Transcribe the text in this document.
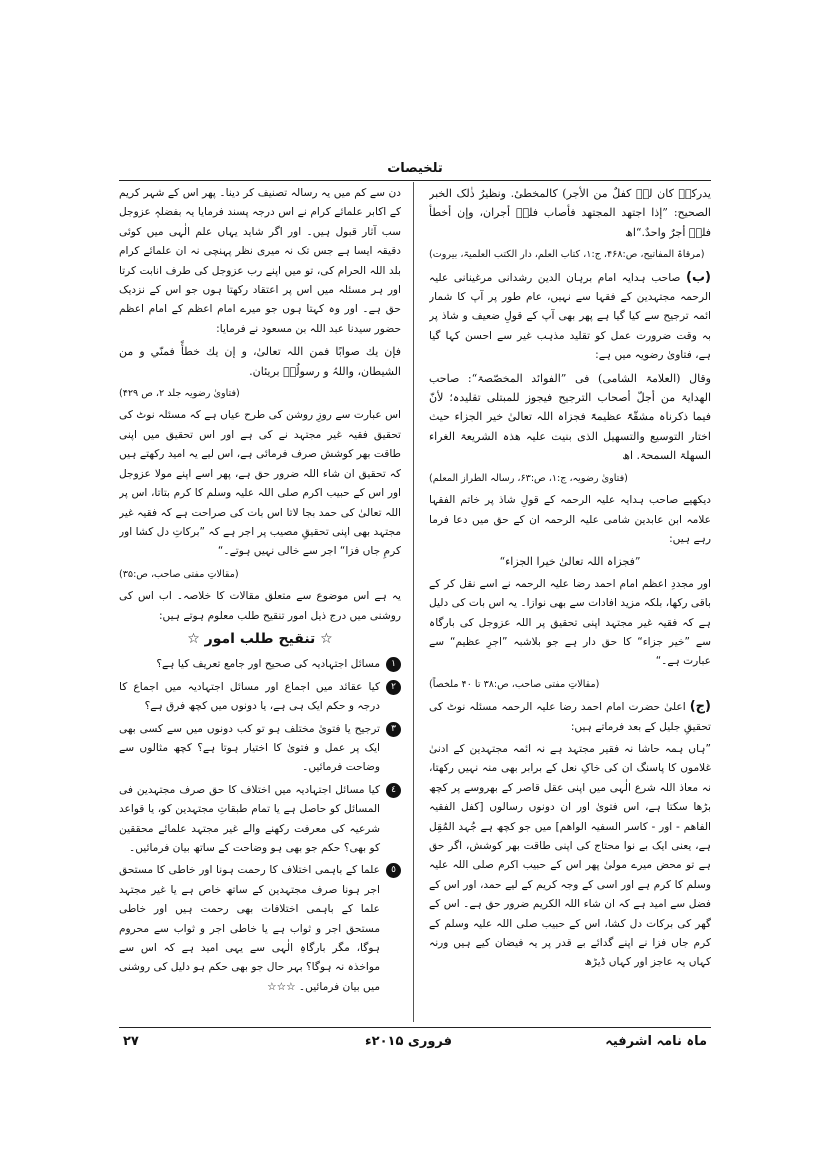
تلخیصات

یدرکہٗ کان لہٗ کفلٌ من الأجر) کالمخطیٔ. ونظیرُ ذٰلک الخبر الصحیح: ”إذا اجتھد المجتھد فأصاب فلہٗ أجران، وإن أخطأ فلہٗ أجرٌ واحدٌ.“اھ

(مرقاۃ المفاتیح، ص:۴۶۸، ج:۱، کتاب العلم، دار الکتب العلمیۃ، بیروت)

(ب) صاحب ہدایہ امام برہان الدین رشدانی مرغینانی علیہ الرحمہ مجتہدین کے فقہا سے نہیں، عام طور پر آپ کا شمار ائمہ ترجیح سے کیا گیا ہے پھر بھی آپ کے قولِ ضعیف و شاذ پر بہ وقت ضرورت عمل کو تقلید مذہب غیر سے احسن کہا گیا ہے، فتاویٰ رضویہ میں ہے:

وقال (العلامۃ الشامی) فی ”الفوائد المخصّصۃ“: صاحب الھدایۃ من أجلّ أصحاب الترجیح فیجوز للمبتلی تقلیدہ؛ لأنّ فیما ذکرناہ مشقّۃً عظیمۃً فجزاہ اللہ تعالیٰ خیر الجزاء حیث اختار التوسیع والتسھیل الذی بنیت علیہ ھذہ الشریعۃ الغراء السھلۃ السمحۃ. اھ

(فتاویٰ رضویہ، ج:۱، ص:۶۳، رسالہ الطراز المعلم)

دیکھیے صاحب ہدایہ علیہ الرحمہ کے قولِ شاذ پر خاتم الفقہا علامہ ابن عابدین شامی علیہ الرحمہ ان کے حق میں دعا فرما رہے ہیں:

”فجزاہ اللہ تعالیٰ خیرا الجزاء“

اور مجددِ اعظم امام احمد رضا علیہ الرحمہ نے اسے نقل کر کے باقی رکھا، بلکہ مزید افادات سے بھی نوازا۔ یہ اس بات کی دلیل ہے کہ فقیہ غیر مجتہد اپنی تحقیق پر اللہ عزوجل کی بارگاہ سے ”خیر جزاء“ کا حق دار ہے جو بلاشبہ ”اجرِ عظیم“ سے عبارت ہے۔“

(مقالاتِ مفتی صاحب، ص:۳۸ تا ۴۰ ملخصاً)

(ج) اعلیٰ حضرت امام احمد رضا علیہ الرحمہ مسئلہ نوٹ کی تحقیقِ جلیل کے بعد فرماتے ہیں:

”ہاں ہمہ حاشا نہ فقیر مجتہد ہے نہ ائمہ مجتہدین کے ادنیٰ غلاموں کا پاسنگ ان کی خاکِ نعل کے برابر بھی منہ نہیں رکھتا، نہ معاذ اللہ شرع الٰہی میں اپنی عقل قاصر کے بھروسے پر کچھ بڑھا سکتا ہے، اس فتویٰ اور ان دونوں رسالوں [کفل الفقیہ الفاھم - اور - کاسر السفیہ الواھم] میں جو کچھ ہے جُہد المُقِل ہے، یعنی ایک بے نوا محتاج کی اپنی طاقت بھر کوشش، اگر حق ہے تو محض میرے مولیٰ پھر اس کے حبیب اکرم صلی اللہ علیہ وسلم کا کرم ہے اور اسی کے وجہ کریم کے لیے حمد، اور اس کے فضل سے امید ہے کہ ان شاء اللہ الکریم ضرور حق ہے۔ اس کے گھر کی برکات دل کشا، اس کے حبیب صلی اللہ علیہ وسلم کے کرم جاں فزا نے اپنے گدائے بے قدر پر یہ فیضان کیے ہیں ورنہ کہاں یہ عاجز اور کہاں ڈیڑھ

دن سے کم میں یہ رسالہ تصنیف کر دینا۔ پھر اس کے شہر کریم کے اکابر علمائے کرام نے اس درجہ پسند فرمایا یہ بفضلہٖ عزوجل سب آثار قبول ہیں۔ اور اگر شاید یہاں علم الٰہی میں کوئی دقیقہ ایسا ہے جس تک نہ میری نظر پہنچی نہ ان علمائے کرام بلد اللہ الحرام کی، تو میں اپنے رب عزوجل کی طرف انابت کرتا اور ہر مسئلہ میں اس پر اعتقاد رکھتا ہوں جو اس کے نزدیک حق ہے۔ اور وہ کہتا ہوں جو میرے امام اعظم کے امام اعظم حضور سیدنا عبد اللہ بن مسعود نے فرمایا:

فإن یك صوابًا فمن اللہ تعالیٰ، و إن یك خطأً فمنّي و من الشیطان، واللہُ و رسولُہٗ بریئان.

(فتاویٰ رضویہ جلد ۲، ص ۴۲۹)

اس عبارت سے روزِ روشن کی طرح عیاں ہے کہ مسئلہ نوٹ کی تحقیق فقیہ غیر مجتہد نے کی ہے اور اس تحقیق میں اپنی طاقت بھر کوشش صرف فرمائی ہے، اس لیے یہ امید رکھتے ہیں کہ تحقیق ان شاء اللہ ضرور حق ہے، پھر اسے اپنے مولا عزوجل اور اس کے حبیب اکرم صلی اللہ علیہ وسلم کا کرم بتاتا، اس پر اللہ تعالیٰ کی حمد بجا لاتا اس بات کی صراحت ہے کہ فقیہ غیر مجتہد بھی اپنی تحقیقِ مصیب پر اجر ہے کہ ”برکاتِ دل کشا اور کرمِ جاں فزا“ اجر سے خالی نہیں ہوتے۔“

(مقالاتِ مفتی صاحب، ص:۳۵)

یہ ہے اس موضوع سے متعلق مقالات کا خلاصہ۔ اب اس کی روشنی میں درج ذیل امور تنقیح طلب معلوم ہوتے ہیں:

☆ تنقیح طلب امور ☆
١
مسائل اجتہادیہ کی صحیح اور جامع تعریف کیا ہے؟
٢
کیا عقائد میں اجماع اور مسائل اجتہادیہ میں اجماع کا درجہ و حکم ایک ہی ہے، یا دونوں میں کچھ فرق ہے؟
٣
ترجیح یا فتویٰ مختلف ہو تو کب دونوں میں سے کسی بھی ایک پر عمل و فتویٰ کا اختیار ہوتا ہے؟ کچھ مثالوں سے وضاحت فرمائیں۔
٤
کیا مسائل اجتہادیہ میں اختلاف کا حق صرف مجتہدین فی المسائل کو حاصل ہے یا تمام طبقاتِ مجتہدین کو، یا قواعد شرعیہ کی معرفت رکھنے والے غیر مجتہد علمائے محققین کو بھی؟ حکم جو بھی ہو وضاحت کے ساتھ بیان فرمائیں۔
٥
علما کے باہمی اختلاف کا رحمت ہونا اور خاطی کا مستحق اجر ہونا صرف مجتہدین کے ساتھ خاص ہے یا غیر مجتہد علما کے باہمی اختلافات بھی رحمت ہیں اور خاطی مستحق اجر و ثواب ہے یا خاطی اجر و ثواب سے محروم ہوگا، مگر بارگاہِ الٰہی سے یہی امید ہے کہ اس سے مواخذہ نہ ہوگا؟ بہر حال جو بھی حکم ہو دلیل کی روشنی میں بیان فرمائیں۔ ☆☆☆
۲۷	فروری ۲۰۱۵ء	ماہ نامہ اشرفیہ
